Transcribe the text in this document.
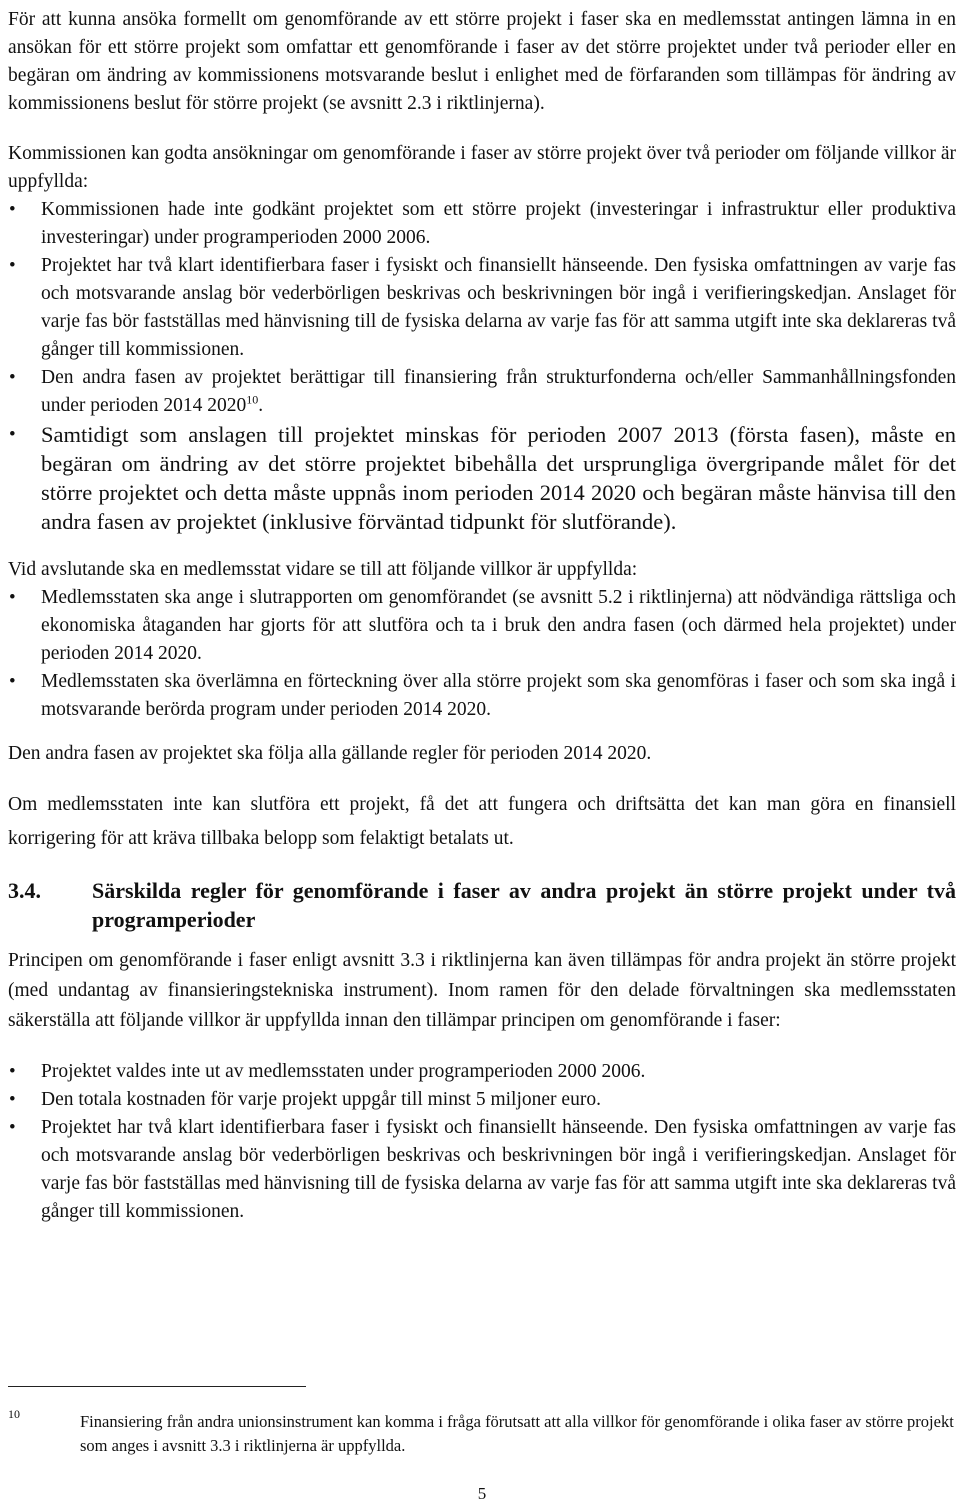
För att kunna ansöka formellt om genomförande av ett större projekt i faser ska en medlemsstat antingen lämna in en ansökan för ett större projekt som omfattar ett genomförande i faser av det större projektet under två perioder eller en begäran om ändring av kommissionens motsvarande beslut i enlighet med de förfaranden som tillämpas för ändring av kommissionens beslut för större projekt (se avsnitt 2.3 i riktlinjerna).

Kommissionen kan godta ansökningar om genomförande i faser av större projekt över två perioder om följande villkor är uppfyllda:

• Kommissionen hade inte godkänt projektet som ett större projekt (investeringar i infrastruktur eller produktiva investeringar) under programperioden 2000 2006.
• Projektet har två klart identifierbara faser i fysiskt och finansiellt hänseende. Den fysiska omfattningen av varje fas och motsvarande anslag bör vederbörligen beskrivas och beskrivningen bör ingå i verifieringskedjan. Anslaget för varje fas bör fastställas med hänvisning till de fysiska delarna av varje fas för att samma utgift inte ska deklareras två gånger till kommissionen.
• Den andra fasen av projektet berättigar till finansiering från strukturfonderna och/eller Sammanhållningsfonden under perioden 2014 2020$^{10}$.
• Samtidigt som anslagen till projektet minskas för perioden 2007 2013 (första fasen), måste en begäran om ändring av det större projektet bibehålla det ursprungliga övergripande målet för det större projektet och detta måste uppnås inom perioden 2014 2020 och begäran måste hänvisa till den andra fasen av projektet (inklusive förväntad tidpunkt för slutförande).

Vid avslutande ska en medlemsstat vidare se till att följande villkor är uppfyllda:

• Medlemsstaten ska ange i slutrapporten om genomförandet (se avsnitt 5.2 i riktlinjerna) att nödvändiga rättsliga och ekonomiska åtaganden har gjorts för att slutföra och ta i bruk den andra fasen (och därmed hela projektet) under perioden 2014 2020.
• Medlemsstaten ska överlämna en förteckning över alla större projekt som ska genomföras i faser och som ska ingå i motsvarande berörda program under perioden 2014 2020.

Den andra fasen av projektet ska följa alla gällande regler för perioden 2014 2020.

Om medlemsstaten inte kan slutföra ett projekt, få det att fungera och driftsätta det kan man göra en finansiell korrigering för att kräva tillbaka belopp som felaktigt betalats ut.

3.4.	Särskilda regler för genomförande i faser av andra projekt än större projekt under två programperioder

Principen om genomförande i faser enligt avsnitt 3.3 i riktlinjerna kan även tillämpas för andra projekt än större projekt (med undantag av finansieringstekniska instrument). Inom ramen för den delade förvaltningen ska medlemsstaten säkerställa att följande villkor är uppfyllda innan den tillämpar principen om genomförande i faser:

• Projektet valdes inte ut av medlemsstaten under programperioden 2000 2006.
• Den totala kostnaden för varje projekt uppgår till minst 5 miljoner euro.
• Projektet har två klart identifierbara faser i fysiskt och finansiellt hänseende. Den fysiska omfattningen av varje fas och motsvarande anslag bör vederbörligen beskrivas och beskrivningen bör ingå i verifieringskedjan. Anslaget för varje fas bör fastställas med hänvisning till de fysiska delarna av varje fas för att samma utgift inte ska deklareras två gånger till kommissionen.
10	Finansiering från andra unionsinstrument kan komma i fråga förutsatt att alla villkor för genomförande i olika faser av större projekt som anges i avsnitt 3.3 i riktlinjerna är uppfyllda.
5
